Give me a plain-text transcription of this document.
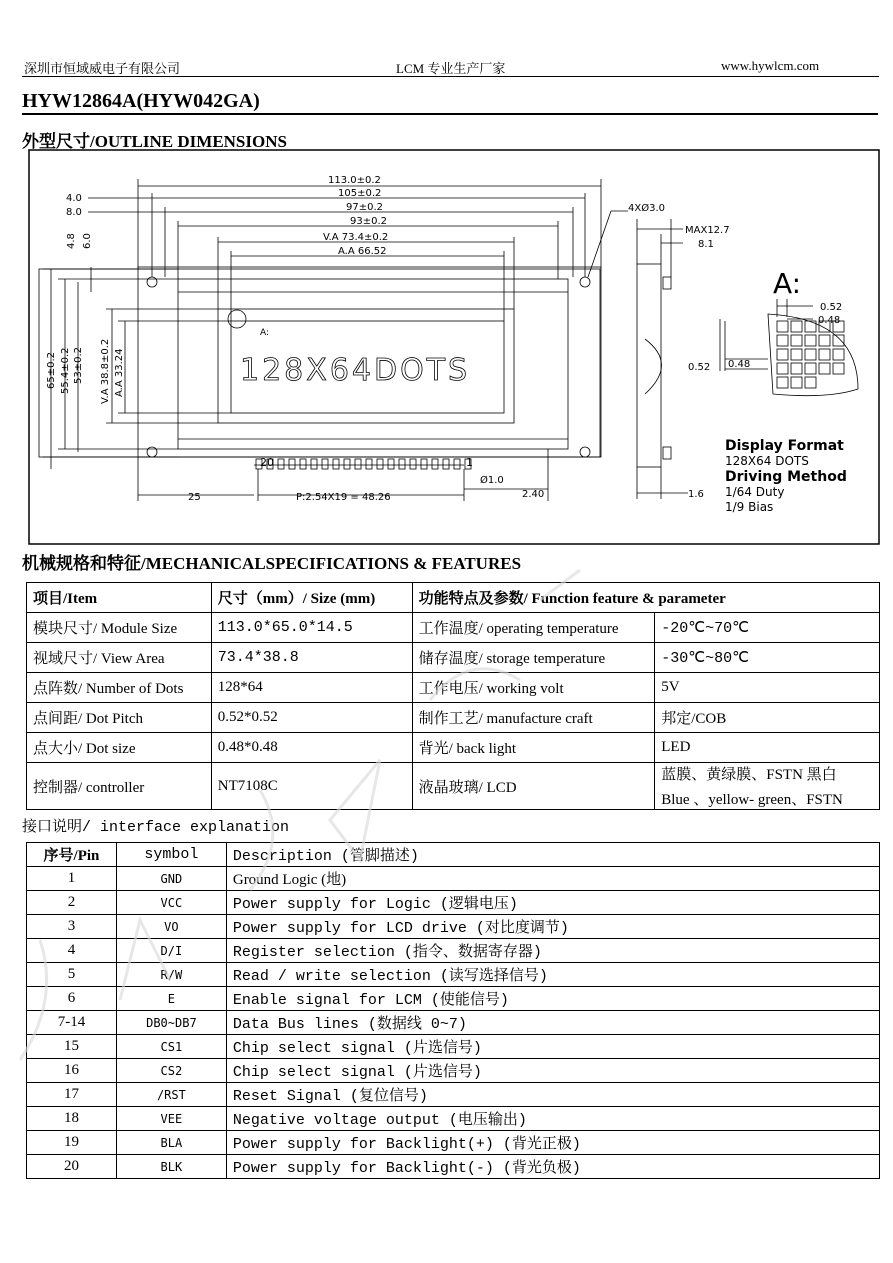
深圳市恒域威电子有限公司	LCM 专业生产厂家	www.hywlcm.com
HYW12864A(HYW042GA)
外型尺寸/OUTLINE DIMENSIONS
113.0±0.2
105±0.2
97±0.2
93±0.2
V.A 73.4±0.2
A.A 66.52
4.0
8.0
4.8 6.0
65±0.2 55.4±0.2 53±0.2 V.A 38.8±0.2 A.A 33.24
4XØ3.0
MAX12.7
8.1
20	1
25	P:2.54X19 = 48.26
Ø1.0
2.40	1.6
A:
A:
0.52
0.48
0.52 0.48
128X64DOTS
Display Format
128X64 DOTS
Driving Method
1/64 Duty
1/9 Bias
机械规格和特征/MECHANICALSPECIFICATIONS & FEATURES
项目/Item	尺寸（mm）/ Size (mm)	功能特点及参数/ Function feature & parameter	
模块尺寸/ Module Size	113.0*65.0*14.5	工作温度/ operating temperature	-20℃~70℃
视域尺寸/ View Area	73.4*38.8	储存温度/ storage temperature	-30℃~80℃
点阵数/ Number of Dots	128*64	工作电压/ working volt	5V
点间距/ Dot Pitch	0.52*0.52	制作工艺/ manufacture craft	邦定/COB
点大小/ Dot size	0.48*0.48	背光/ back light	LED
控制器/ controller	NT7108C	液晶玻璃/ LCD	蓝膜、黄绿膜、FSTN 黑白
Blue 、yellow- green、FSTN
接口说明/ interface explanation
序号/Pin	symbol	Description (管脚描述)
1	GND	Ground Logic (地)
2	VCC	Power supply for Logic (逻辑电压)
3	VO	Power supply for LCD drive (对比度调节)
4	D/I	Register selection (指令、数据寄存器)
5	R/W	Read / write selection (读写选择信号)
6	E	Enable signal for LCM (使能信号)
7-14	DB0~DB7	Data Bus lines (数据线 0~7)
15	CS1	Chip select signal (片选信号)
16	CS2	Chip select signal (片选信号)
17	/RST	Reset Signal (复位信号)
18	VEE	Negative voltage output (电压输出)
19	BLA	Power supply for Backlight(+) (背光正极)
20	BLK	Power supply for Backlight(-) (背光负极)
